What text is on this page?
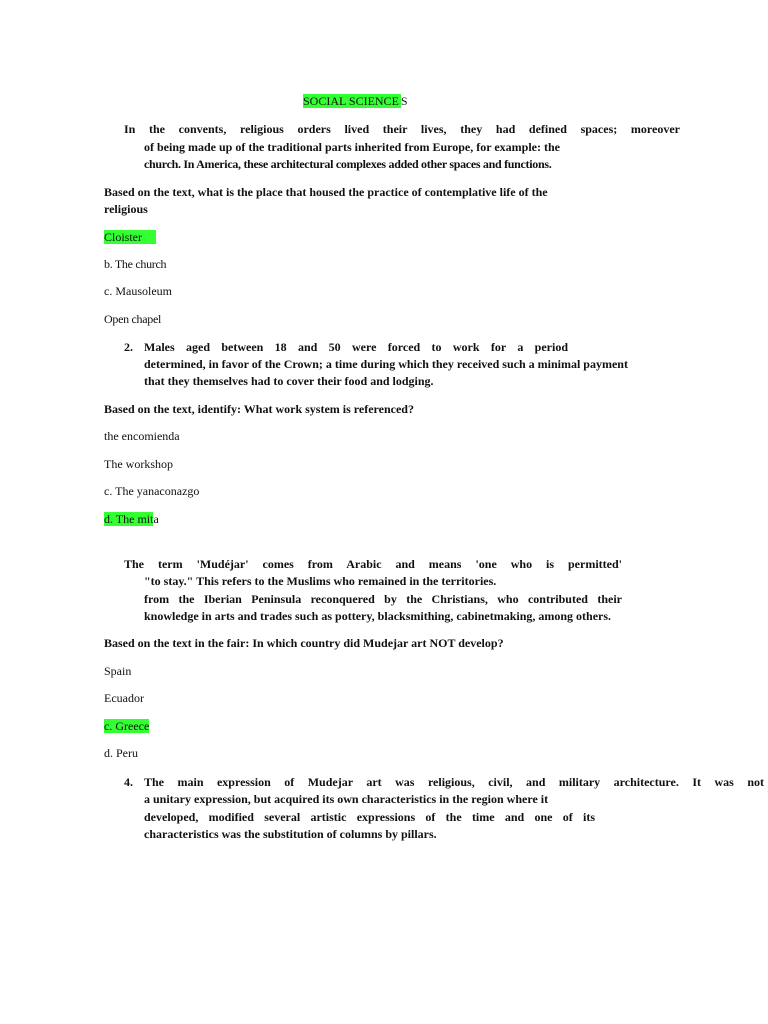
SOCIAL SCIENCE S
In the convents, religious orders lived their lives, they had defined spaces; moreover
of being made up of the traditional parts inherited from Europe, for example: the
church. In America, these architectural complexes added other spaces and functions.
Based on the text, what is the place that housed the practice of contemplative life of the
religious
Cloister
b. The church
c. Mausoleum
Open chapel
2. Males aged between 18 and 50 were forced to work for a period
determined, in favor of the Crown; a time during which they received such a minimal payment
that they themselves had to cover their food and lodging.
Based on the text, identify: What work system is referenced?
the encomienda
The workshop
c. The yanaconazgo
d. The mita
The term 'Mudéjar' comes from Arabic and means 'one who is permitted'
"to stay." This refers to the Muslims who remained in the territories.
from the Iberian Peninsula reconquered by the Christians, who contributed their
knowledge in arts and trades such as pottery, blacksmithing, cabinetmaking, among others.
Based on the text in the fair: In which country did Mudejar art NOT develop?
Spain
Ecuador
c. Greece
d. Peru
4. The main expression of Mudejar art was religious, civil, and military architecture. It was not
a unitary expression, but acquired its own characteristics in the region where it
developed, modified several artistic expressions of the time and one of its
characteristics was the substitution of columns by pillars.
